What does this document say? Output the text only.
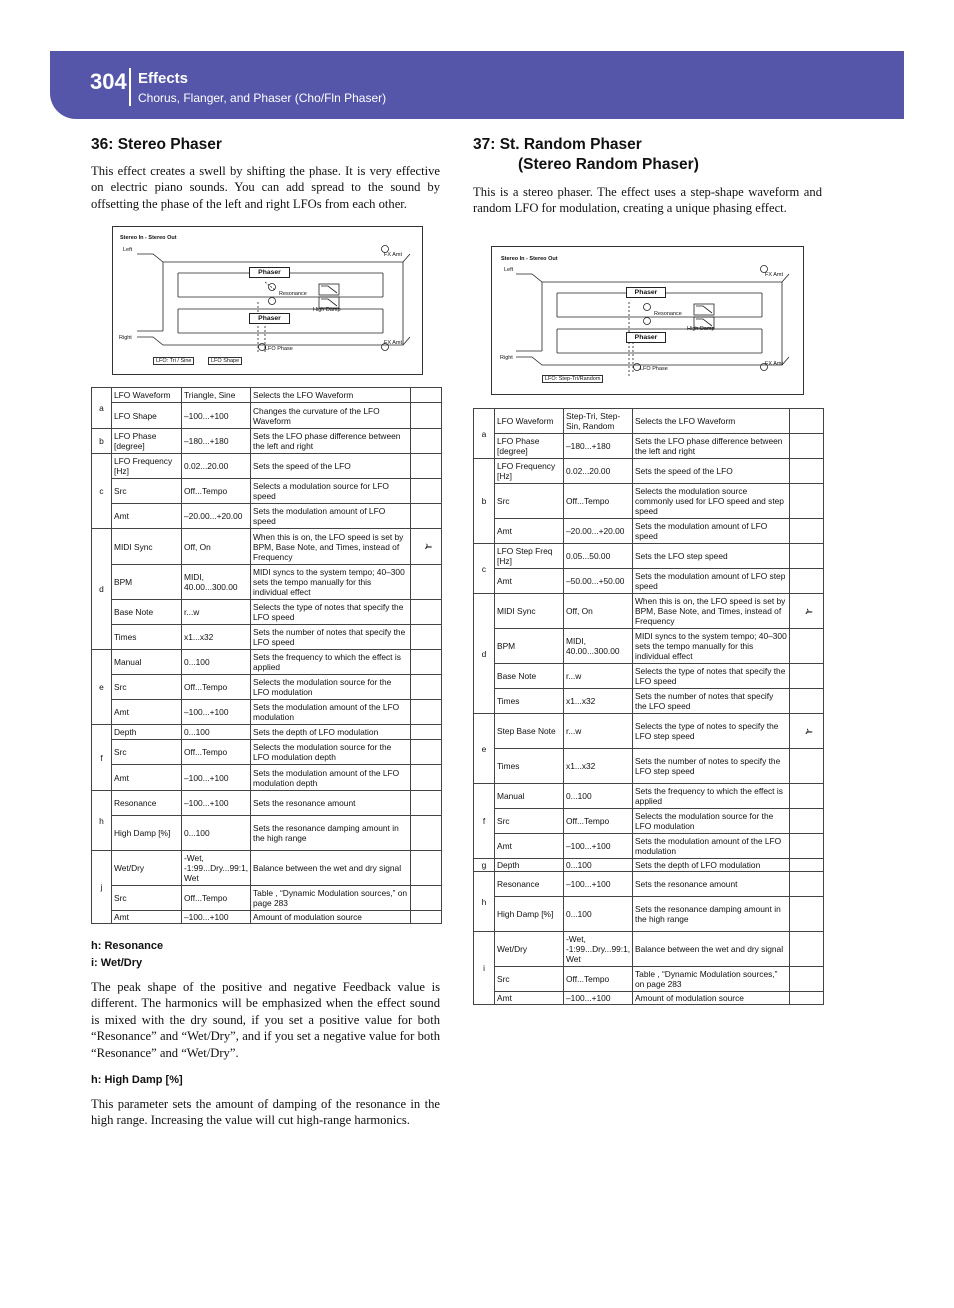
304 Effects
Chorus, Flanger, and Phaser (Cho/Fln Phaser)
36: Stereo Phaser
This effect creates a swell by shifting the phase. It is very effective on electric piano sounds. You can add spread to the sound by offsetting the phase of the left and right LFOs from each other.
Stereo In - Stereo Out
Left
Right
FX Amt
FX Amt
Phaser
Phaser
Resonance
High Damp
LFO Phase
LFO: Tri / Sine	LFO Shape
a	LFO Waveform	Triangle, Sine	Selects the LFO Waveform	
	LFO Shape	–100...+100	Changes the curvature of the LFO Waveform	
b	LFO Phase [degree]	–180...+180	Sets the LFO phase difference between the left and right	
c	LFO Frequency [Hz]	0.02...20.00	Sets the speed of the LFO	
	Src	Off...Tempo	Selects a modulation source for LFO speed	
	Amt	–20.00...+20.00	Sets the modulation amount of LFO speed	
d	MIDI Sync	Off, On	When this is on, the LFO speed is set by BPM, Base Note, and Times, instead of Frequency	♪̶
	BPM	MIDI, 40.00...300.00	MIDI syncs to the system tempo; 40–300 sets the tempo manually for this individual effect	
	Base Note	r...w	Selects the type of notes that specify the LFO speed	
	Times	x1...x32	Sets the number of notes that specify the LFO speed	
e	Manual	0...100	Sets the frequency to which the effect is applied	
	Src	Off...Tempo	Selects the modulation source for the LFO modulation	
	Amt	–100...+100	Sets the modulation amount of the LFO modulation	
f	Depth	0...100	Sets the depth of LFO modulation	
	Src	Off...Tempo	Selects the modulation source for the LFO modulation depth	
	Amt	–100...+100	Sets the modulation amount of the LFO modulation depth	
h	Resonance	–100...+100	Sets the resonance amount	
	High Damp [%]	0...100	Sets the resonance damping amount in the high range	
j	Wet/Dry	-Wet, -1:99...Dry...99:1, Wet	Balance between the wet and dry signal	
	Src	Off...Tempo	Table , “Dynamic Modulation sources,” on page 283	
	Amt	–100...+100	Amount of modulation source	
h: Resonance
i: Wet/Dry
The peak shape of the positive and negative Feedback value is different. The harmonics will be emphasized when the effect sound is mixed with the dry sound, if you set a positive value for both “Resonance” and “Wet/Dry”, and if you set a negative value for both “Resonance” and “Wet/Dry”.
h: High Damp [%]
This parameter sets the amount of damping of the resonance in the high range. Increasing the value will cut high-range harmonics.
37: St. Random Phaser
(Stereo Random Phaser)
This is a stereo phaser. The effect uses a step-shape waveform and random LFO for modulation, creating a unique phasing effect.
Stereo In - Stereo Out
Left
Right
FX Amt
FX Amt
Phaser
Phaser
Resonance
High Damp
LFO Phase
LFO: Step-Tri/Random
a	LFO Waveform	Step-Tri, Step-Sin, Random	Selects the LFO Waveform	
	LFO Phase [degree]	–180...+180	Sets the LFO phase difference between the left and right	
b	LFO Frequency [Hz]	0.02...20.00	Sets the speed of the LFO	
	Src	Off...Tempo	Selects the modulation source commonly used for LFO speed and step speed	
	Amt	–20.00...+20.00	Sets the modulation amount of LFO speed	
c	LFO Step Freq [Hz]	0.05...50.00	Sets the LFO step speed	
	Amt	–50.00...+50.00	Sets the modulation amount of LFO step speed	
d	MIDI Sync	Off, On	When this is on, the LFO speed is set by BPM, Base Note, and Times, instead of Frequency	♪̶
	BPM	MIDI, 40.00...300.00	MIDI syncs to the system tempo; 40–300 sets the tempo manually for this individual effect	
	Base Note	r...w	Selects the type of notes that specify the LFO speed	
	Times	x1...x32	Sets the number of notes that specify the LFO speed	
e	Step Base Note	r...w	Selects the type of notes to specify the LFO step speed	♪̶
	Times	x1...x32	Sets the number of notes to specify the LFO step speed	
f	Manual	0...100	Sets the frequency to which the effect is applied	
	Src	Off...Tempo	Selects the modulation source for the LFO modulation	
	Amt	–100...+100	Sets the modulation amount of the LFO modulation	
g	Depth	0...100	Sets the depth of LFO modulation	
h	Resonance	–100...+100	Sets the resonance amount	
	High Damp [%]	0...100	Sets the resonance damping amount in the high range	
i	Wet/Dry	-Wet, -1:99...Dry...99:1, Wet	Balance between the wet and dry signal	
	Src	Off...Tempo	Table , “Dynamic Modulation sources,” on page 283	
	Amt	–100...+100	Amount of modulation source	
